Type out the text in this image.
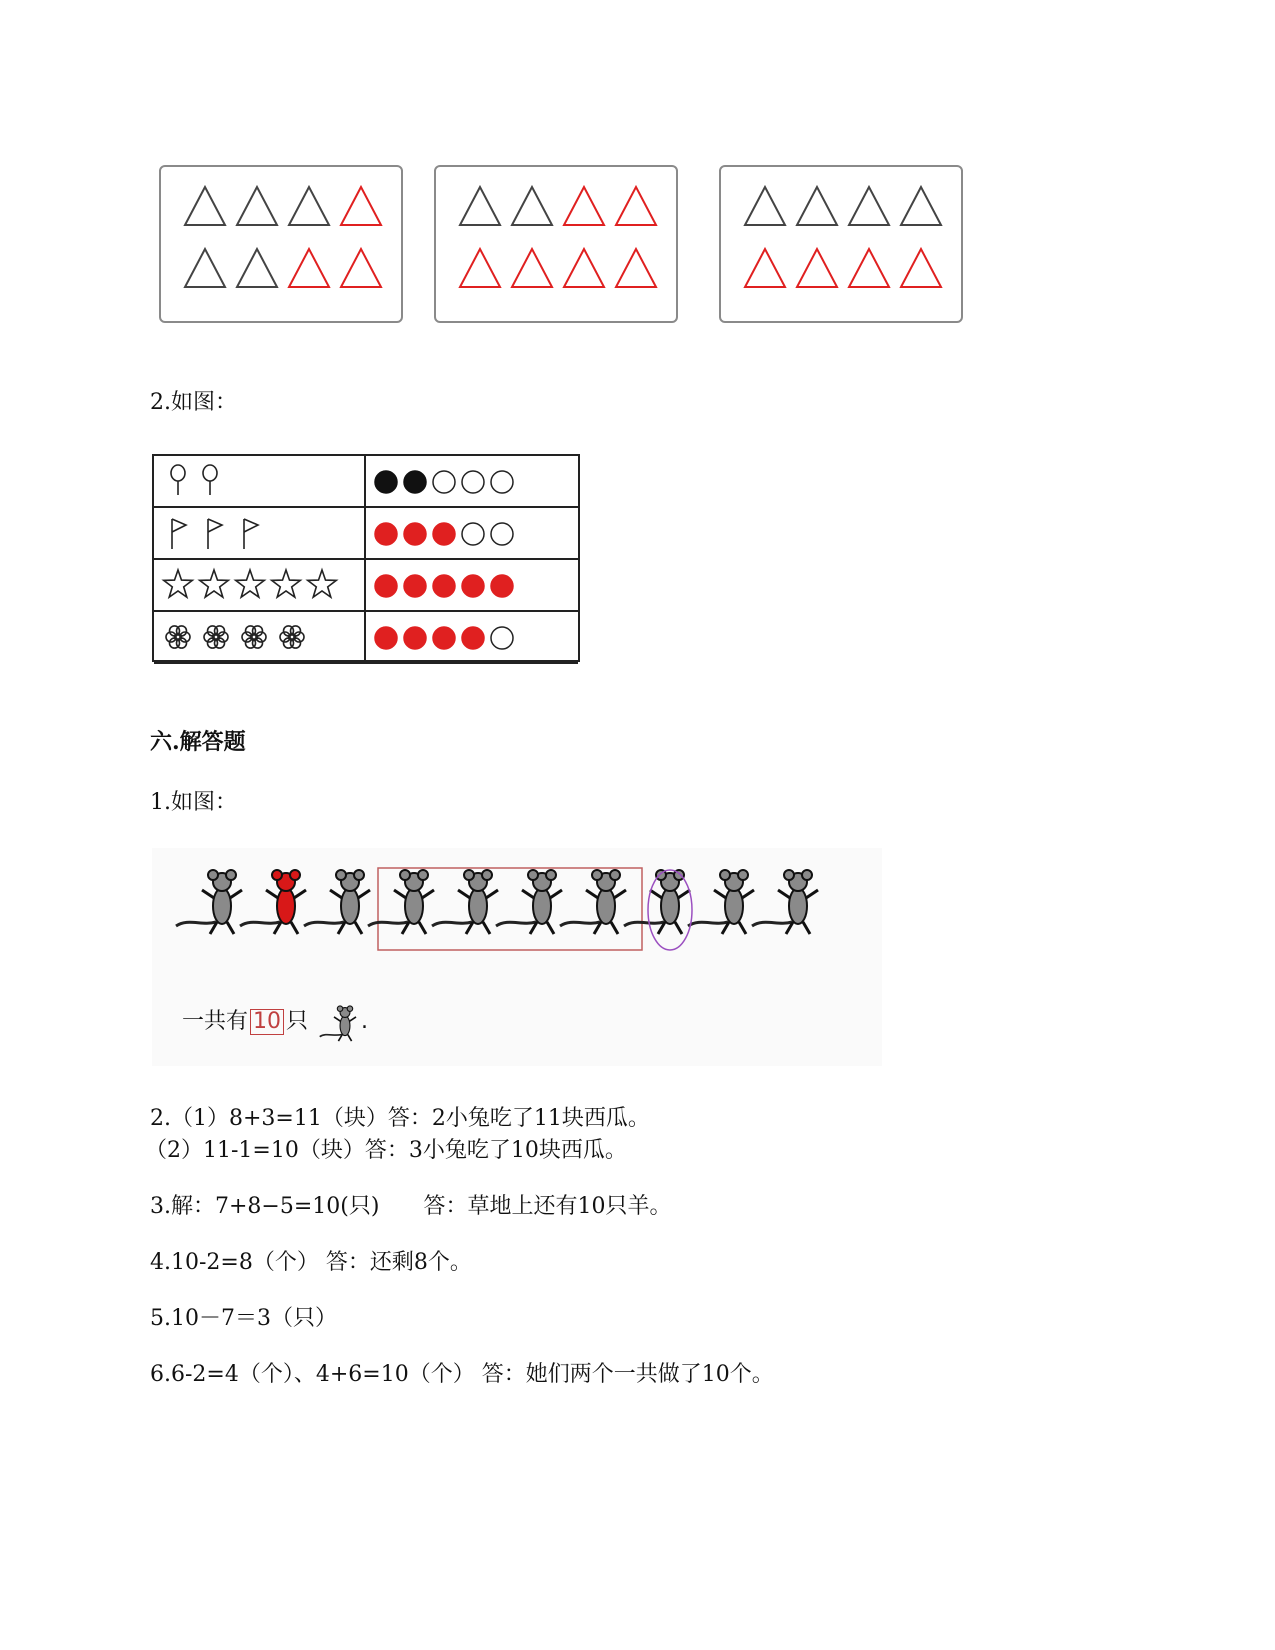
2.如图：
六.解答题
1.如图：
一共有 10 只 .
2.（1）8+3=11（块）答：2小兔吃了11块西瓜。
（2）11-1=10（块）答：3小兔吃了10块西瓜。
3.解：7+8−5=10(只)　　答：草地上还有10只羊。
4.10-2=8（个） 答：还剩8个。
5.10－7＝3（只）
6.6-2=4（个）、4+6=10（个） 答：她们两个一共做了10个。
